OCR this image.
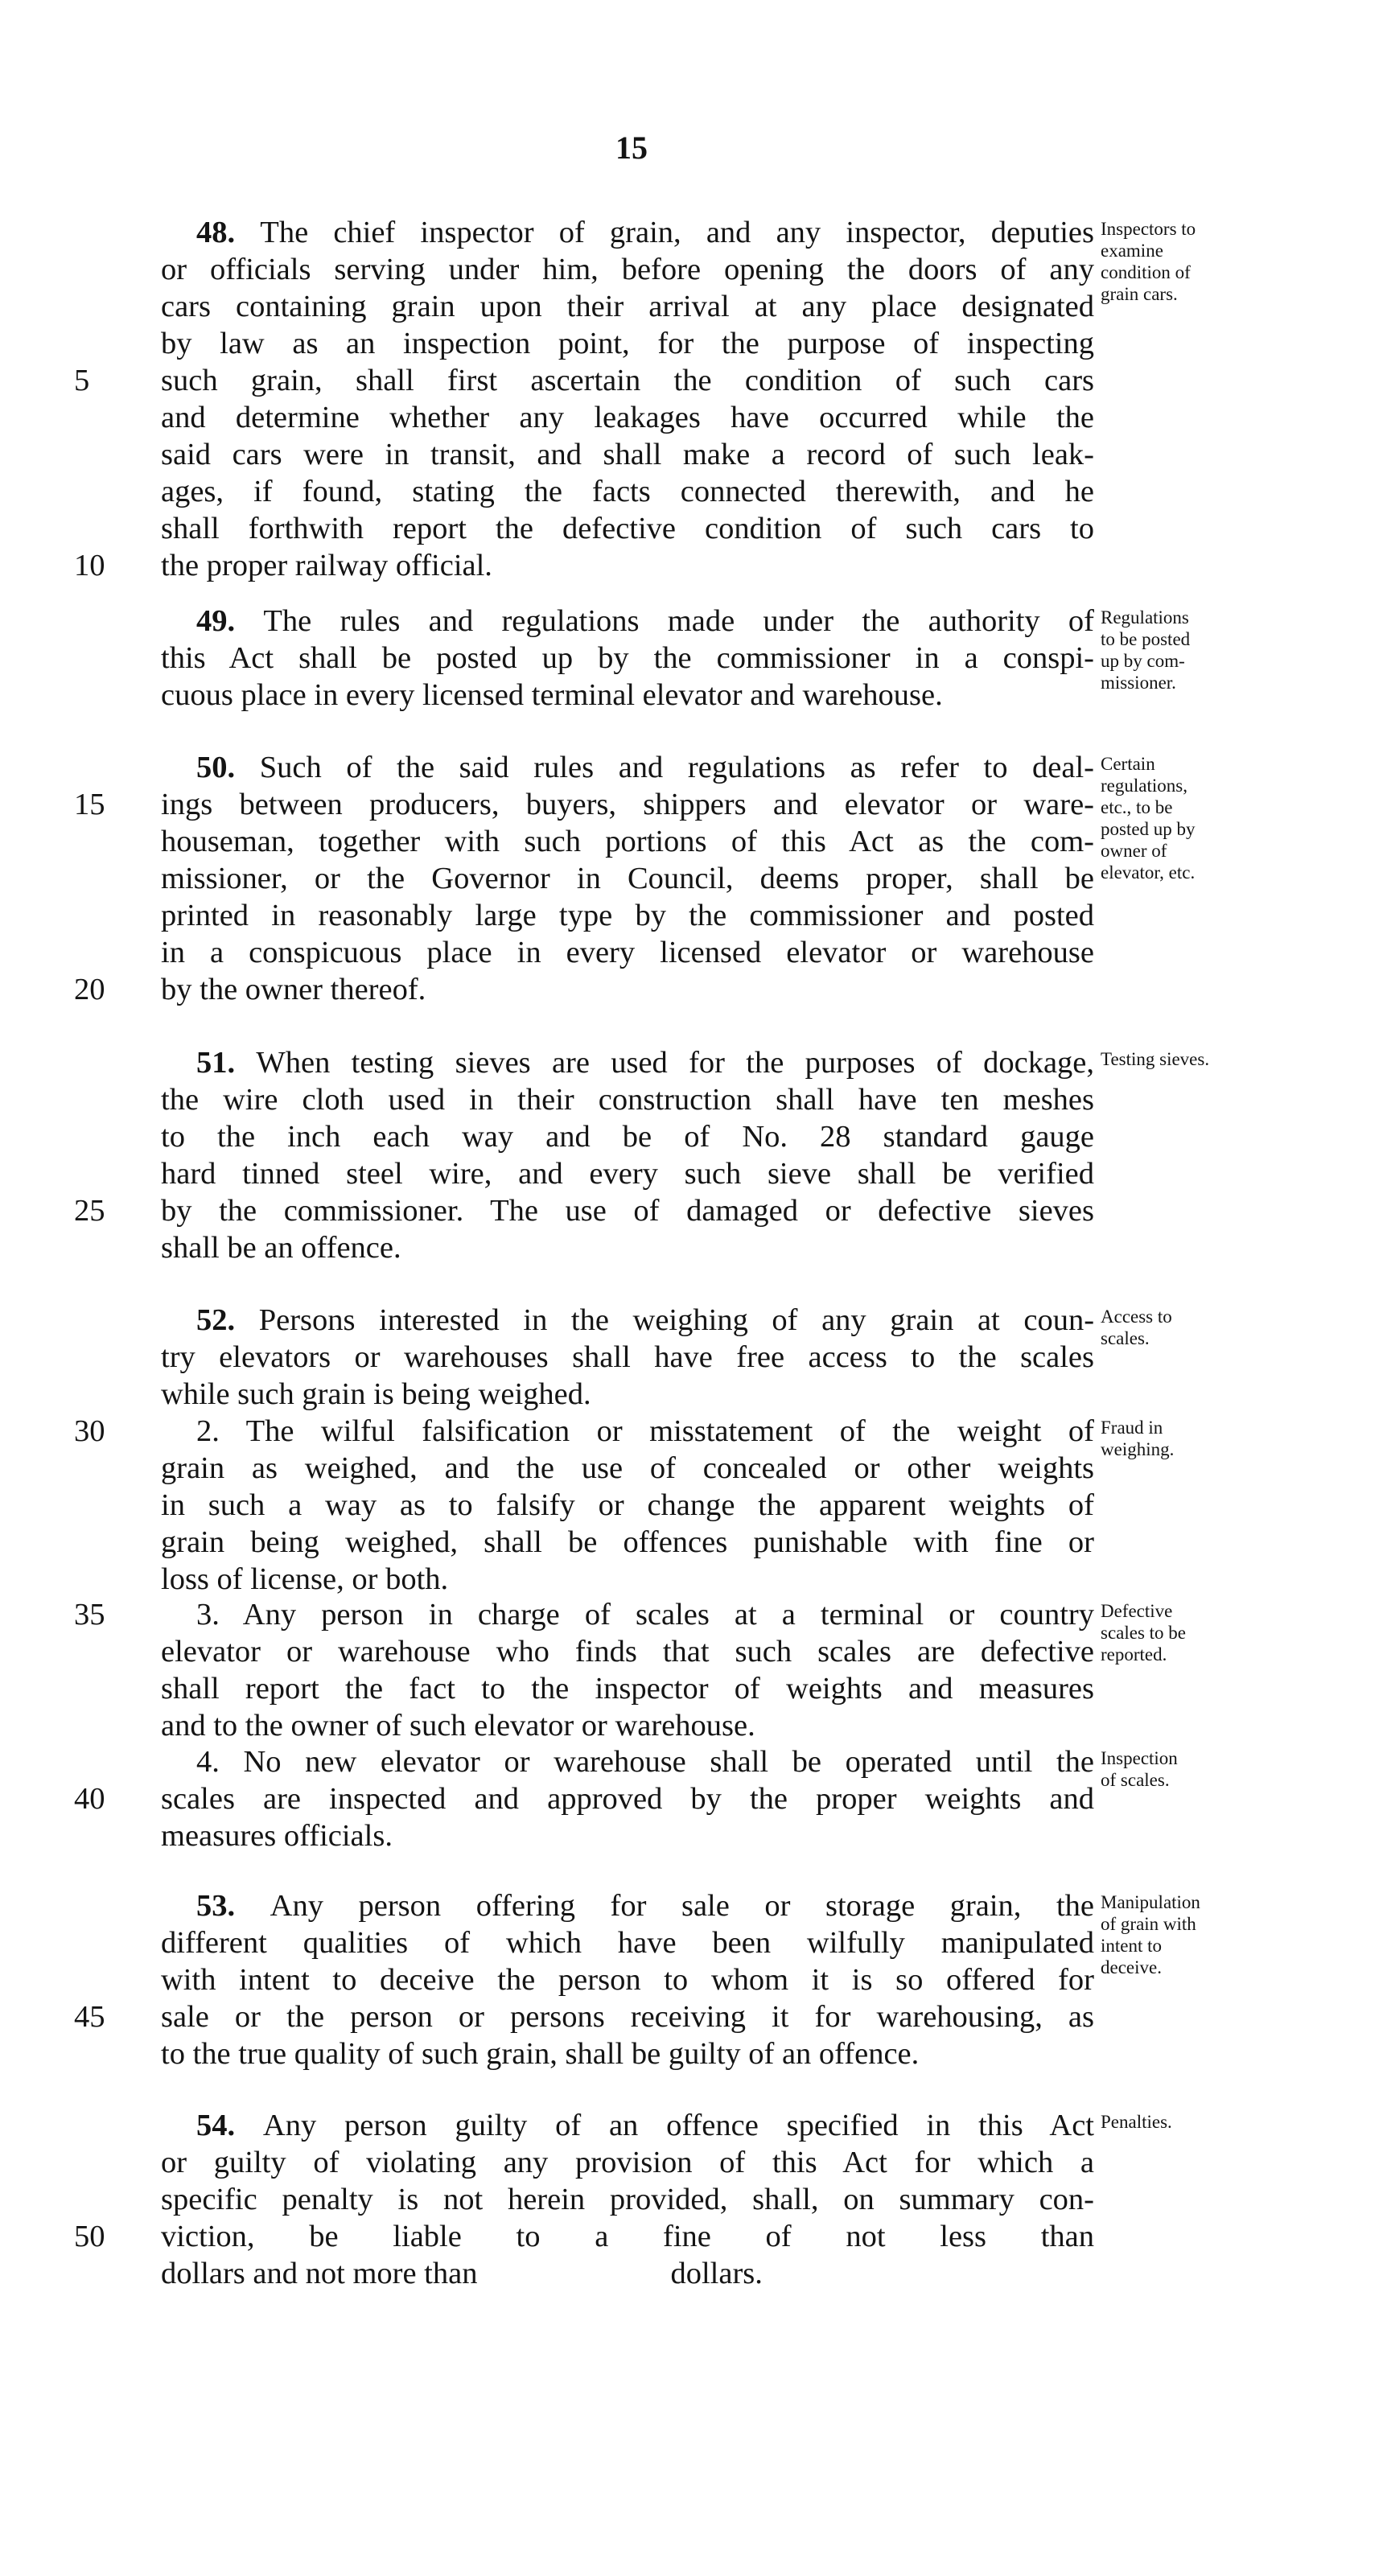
15
48. The chief inspector of grain, and any inspector, deputies
or officials serving under him, before opening the doors of any
cars containing grain upon their arrival at any place designated
by law as an inspection point, for the purpose of inspecting
5	such grain, shall first ascertain the condition of such cars
and determine whether any leakages have occurred while the
said cars were in transit, and shall make a record of such leak-
ages, if found, stating the facts connected therewith, and he
shall forthwith report the defective condition of such cars to
10	the proper railway official.
Inspectors to
examine
condition of
grain cars.
49. The rules and regulations made under the authority of
this Act shall be posted up by the commissioner in a conspi-
cuous place in every licensed terminal elevator and warehouse.
Regulations
to be posted
up by com-
missioner.
50. Such of the said rules and regulations as refer to deal-
15	ings between producers, buyers, shippers and elevator or ware-
houseman, together with such portions of this Act as the com-
missioner, or the Governor in Council, deems proper, shall be
printed in reasonably large type by the commissioner and posted
in a conspicuous place in every licensed elevator or warehouse
20	by the owner thereof.
Certain
regulations,
etc., to be
posted up by
owner of
elevator, etc.
51. When testing sieves are used for the purposes of dockage,
the wire cloth used in their construction shall have ten meshes
to the inch each way and be of No. 28 standard gauge
hard tinned steel wire, and every such sieve shall be verified
25	by the commissioner. The use of damaged or defective sieves
shall be an offence.
Testing sieves.
52. Persons interested in the weighing of any grain at coun-
try elevators or warehouses shall have free access to the scales
while such grain is being weighed.
Access to
scales.
30	2. The wilful falsification or misstatement of the weight of
grain as weighed, and the use of concealed or other weights
in such a way as to falsify or change the apparent weights of
grain being weighed, shall be offences punishable with fine or
loss of license, or both.
Fraud in
weighing.
35	3. Any person in charge of scales at a terminal or country
elevator or warehouse who finds that such scales are defective
shall report the fact to the inspector of weights and measures
and to the owner of such elevator or warehouse.
Defective
scales to be
reported.
4. No new elevator or warehouse shall be operated until the
40	scales are inspected and approved by the proper weights and
measures officials.
Inspection
of scales.
53. Any person offering for sale or storage grain, the
different qualities of which have been wilfully manipulated
with intent to deceive the person to whom it is so offered for
45	sale or the person or persons receiving it for warehousing, as
to the true quality of such grain, shall be guilty of an offence.
Manipulation
of grain with
intent to
deceive.
54. Any person guilty of an offence specified in this Act
or guilty of violating any provision of this Act for which a
specific penalty is not herein provided, shall, on summary con-
50	viction, be liable to a fine of not less than
dollars and not more than	dollars.
Penalties.
